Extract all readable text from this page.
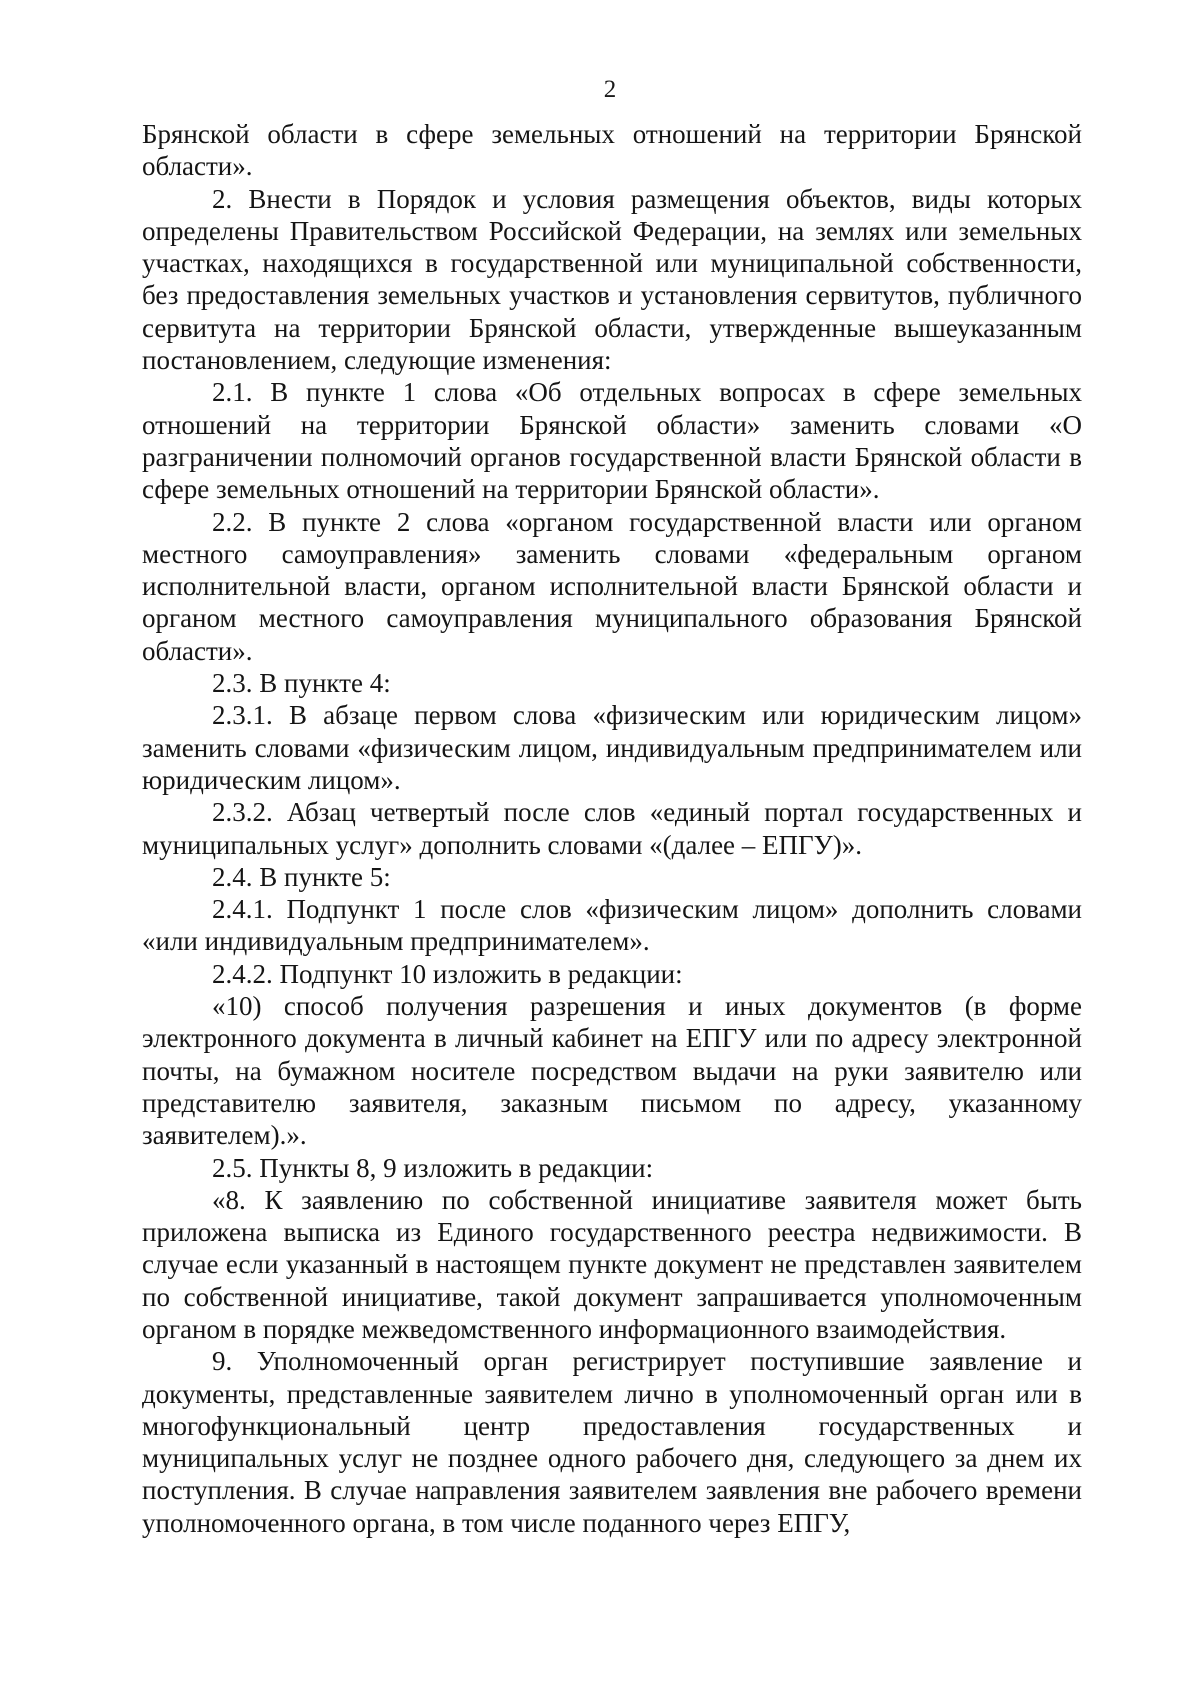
2

Брянской области в сфере земельных отношений на территории Брянской области».

2. Внести в Порядок и условия размещения объектов, виды которых определены Правительством Российской Федерации, на землях или земельных участках, находящихся в государственной или муниципальной собственности, без предоставления земельных участков и установления сервитутов, публичного сервитута на территории Брянской области, утвержденные вышеуказанным постановлением, следующие изменения:

2.1. В пункте 1 слова «Об отдельных вопросах в сфере земельных отношений на территории Брянской области» заменить словами «О разграничении полномочий органов государственной власти Брянской области в сфере земельных отношений на территории Брянской области».

2.2. В пункте 2 слова «органом государственной власти или органом местного самоуправления» заменить словами «федеральным органом исполнительной власти, органом исполнительной власти Брянской области и органом местного самоуправления муниципального образования Брянской области».

2.3. В пункте 4:

2.3.1. В абзаце первом слова «физическим или юридическим лицом» заменить словами «физическим лицом, индивидуальным предпринимателем или юридическим лицом».

2.3.2. Абзац четвертый после слов «единый портал государственных и муниципальных услуг» дополнить словами «(далее – ЕПГУ)».

2.4. В пункте 5:

2.4.1. Подпункт 1 после слов «физическим лицом» дополнить словами «или индивидуальным предпринимателем».

2.4.2. Подпункт 10 изложить в редакции:

«10) способ получения разрешения и иных документов (в форме электронного документа в личный кабинет на ЕПГУ или по адресу электронной почты, на бумажном носителе посредством выдачи на руки заявителю или представителю заявителя, заказным письмом по адресу, указанному заявителем).».

2.5. Пункты 8, 9 изложить в редакции:

«8. К заявлению по собственной инициативе заявителя может быть приложена выписка из Единого государственного реестра недвижимости. В случае если указанный в настоящем пункте документ не представлен заявителем по собственной инициативе, такой документ запрашивается уполномоченным органом в порядке межведомственного информационного взаимодействия.

9. Уполномоченный орган регистрирует поступившие заявление и документы, представленные заявителем лично в уполномоченный орган или в многофункциональный центр предоставления государственных и муниципальных услуг не позднее одного рабочего дня, следующего за днем их поступления. В случае направления заявителем заявления вне рабочего времени уполномоченного органа, в том числе поданного через ЕПГУ,
